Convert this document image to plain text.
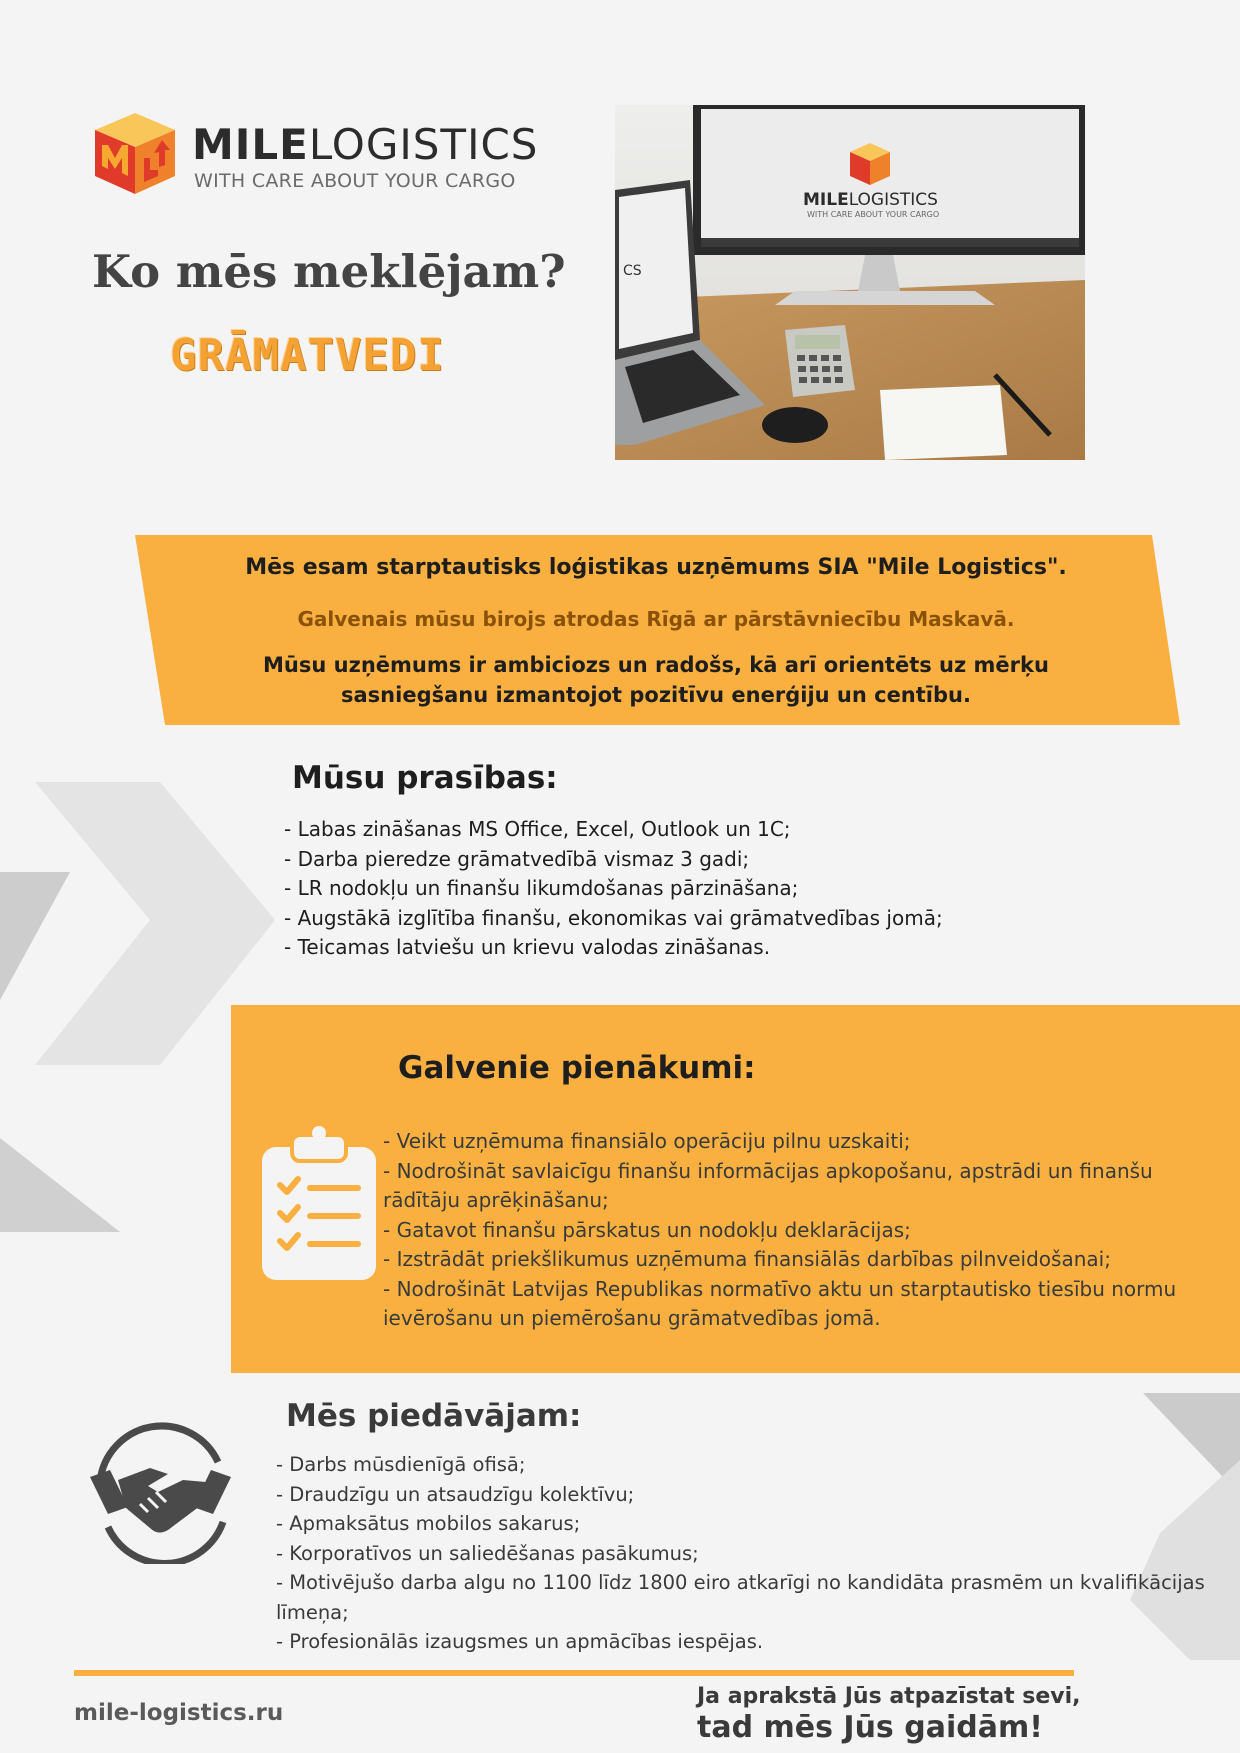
MILELOGISTICS
WITH CARE ABOUT YOUR CARGO
Ko mēs meklējam?
GRĀMATVEDI
MILELOGISTICS
WITH CARE ABOUT YOUR CARGO
CS
Mēs esam starptautisks loģistikas uzņēmums SIA "Mile Logistics".
Galvenais mūsu birojs atrodas Rīgā ar pārstāvniecību Maskavā.
Mūsu uzņēmums ir ambiciozs un radošs, kā arī orientēts uz mērķu sasniegšanu izmantojot pozitīvu enerģiju un centību.
Mūsu prasības:
- Labas zināšanas MS Office, Excel, Outlook un 1C;
- Darba pieredze grāmatvedībā vismaz 3 gadi;
- LR nodokļu un finanšu likumdošanas pārzināšana;
- Augstākā izglītība finanšu, ekonomikas vai grāmatvedības jomā;
- Teicamas latviešu un krievu valodas zināšanas.
Galvenie pienākumi:
- Veikt uzņēmuma finansiālo operāciju pilnu uzskaiti;
- Nodrošināt savlaicīgu finanšu informācijas apkopošanu, apstrādi un finanšu rādītāju aprēķināšanu;
- Gatavot finanšu pārskatus un nodokļu deklarācijas;
- Izstrādāt priekšlikumus uzņēmuma finansiālās darbības pilnveidošanai;
- Nodrošināt Latvijas Republikas normatīvo aktu un starptautisko tiesību normu ievērošanu un piemērošanu grāmatvedības jomā.
Mēs piedāvājam:
- Darbs mūsdienīgā ofisā;
- Draudzīgu un atsaudzīgu kolektīvu;
- Apmaksātus mobilos sakarus;
- Korporatīvos un saliedēšanas pasākumus;
- Motivējušo darba algu no 1100 līdz 1800 eiro atkarīgi no kandidāta prasmēm un kvalifikācijas līmeņa;
- Profesionālās izaugsmes un apmācības iespējas.
mile-logistics.ru
Ja aprakstā Jūs atpazīstat sevi,
tad mēs Jūs gaidām!
